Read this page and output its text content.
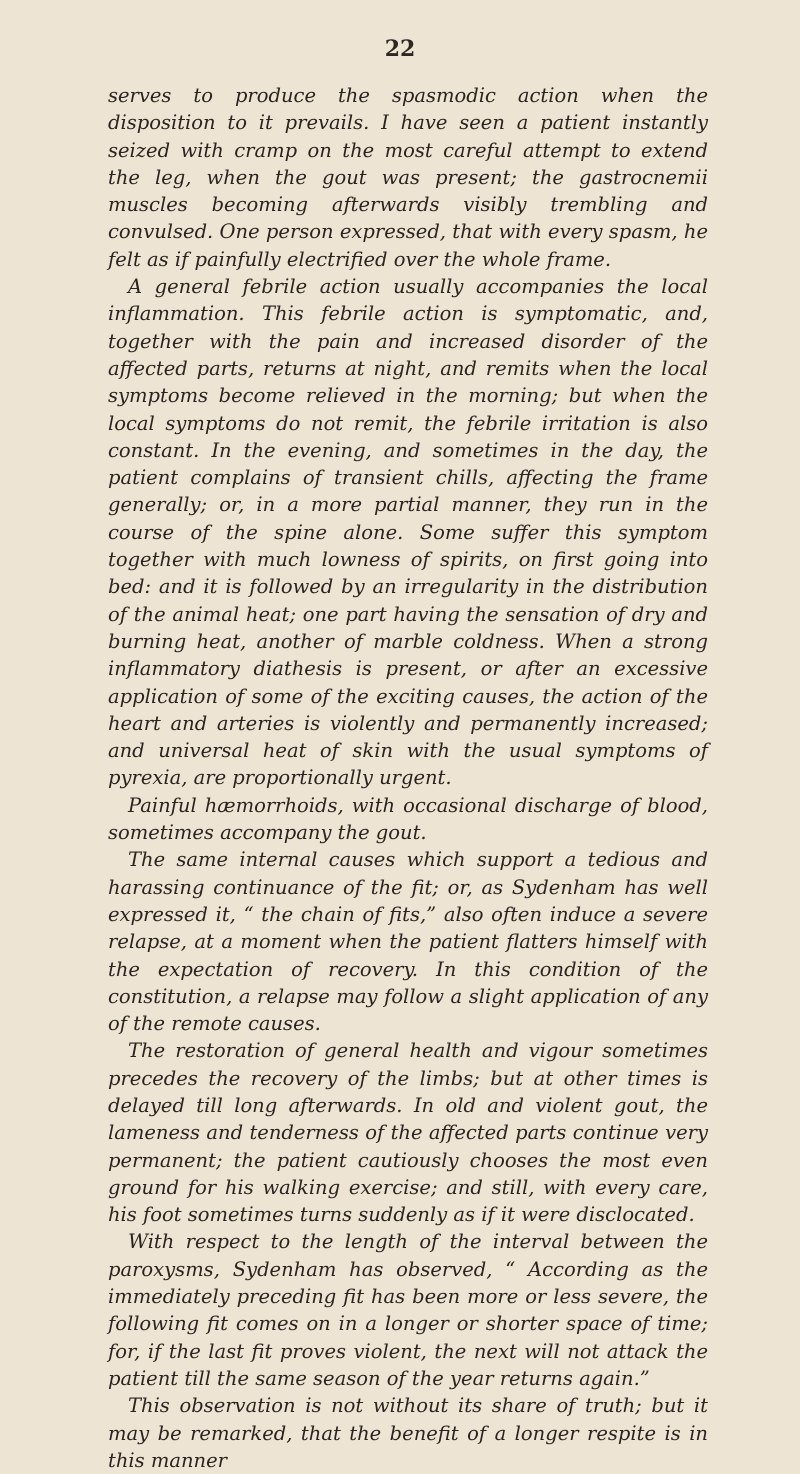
22

serves to produce the spasmodic action when the disposition to it prevails. I have seen a patient instantly seized with cramp on the most careful attempt to extend the leg, when the gout was present; the gastrocnemii muscles becoming afterwards visibly trembling and convulsed. One person expressed, that with every spasm, he felt as if painfully electrified over the whole frame.

A general febrile action usually accompanies the local inflammation. This febrile action is symptomatic, and, together with the pain and increased disorder of the affected parts, returns at night, and remits when the local symptoms become relieved in the morning; but when the local symptoms do not remit, the febrile irritation is also constant. In the evening, and sometimes in the day, the patient complains of transient chills, affecting the frame generally; or, in a more partial manner, they run in the course of the spine alone. Some suffer this symptom together with much lowness of spirits, on first going into bed: and it is followed by an irregularity in the distribution of the animal heat; one part having the sensation of dry and burning heat, another of marble coldness. When a strong inflammatory diathesis is present, or after an excessive application of some of the exciting causes, the action of the heart and arteries is violently and permanently increased; and universal heat of skin with the usual symptoms of pyrexia, are proportionally urgent.

Painful hæmorrhoids, with occasional discharge of blood, sometimes accompany the gout.

The same internal causes which support a tedious and harassing continuance of the fit; or, as Sydenham has well expressed it, “ the chain of fits,” also often induce a severe relapse, at a moment when the patient flatters himself with the expectation of recovery. In this condition of the constitution, a relapse may follow a slight application of any of the remote causes.

The restoration of general health and vigour sometimes precedes the recovery of the limbs; but at other times is delayed till long afterwards. In old and violent gout, the lameness and tenderness of the affected parts continue very permanent; the patient cautiously chooses the most even ground for his walking exercise; and still, with every care, his foot sometimes turns suddenly as if it were disclocated.

With respect to the length of the interval between the paroxysms, Sydenham has observed, “ According as the immediately preceding fit has been more or less severe, the following fit comes on in a longer or shorter space of time; for, if the last fit proves violent, the next will not attack the patient till the same season of the year returns again.”

This observation is not without its share of truth; but it may be remarked, that the benefit of a longer respite is in this manner
